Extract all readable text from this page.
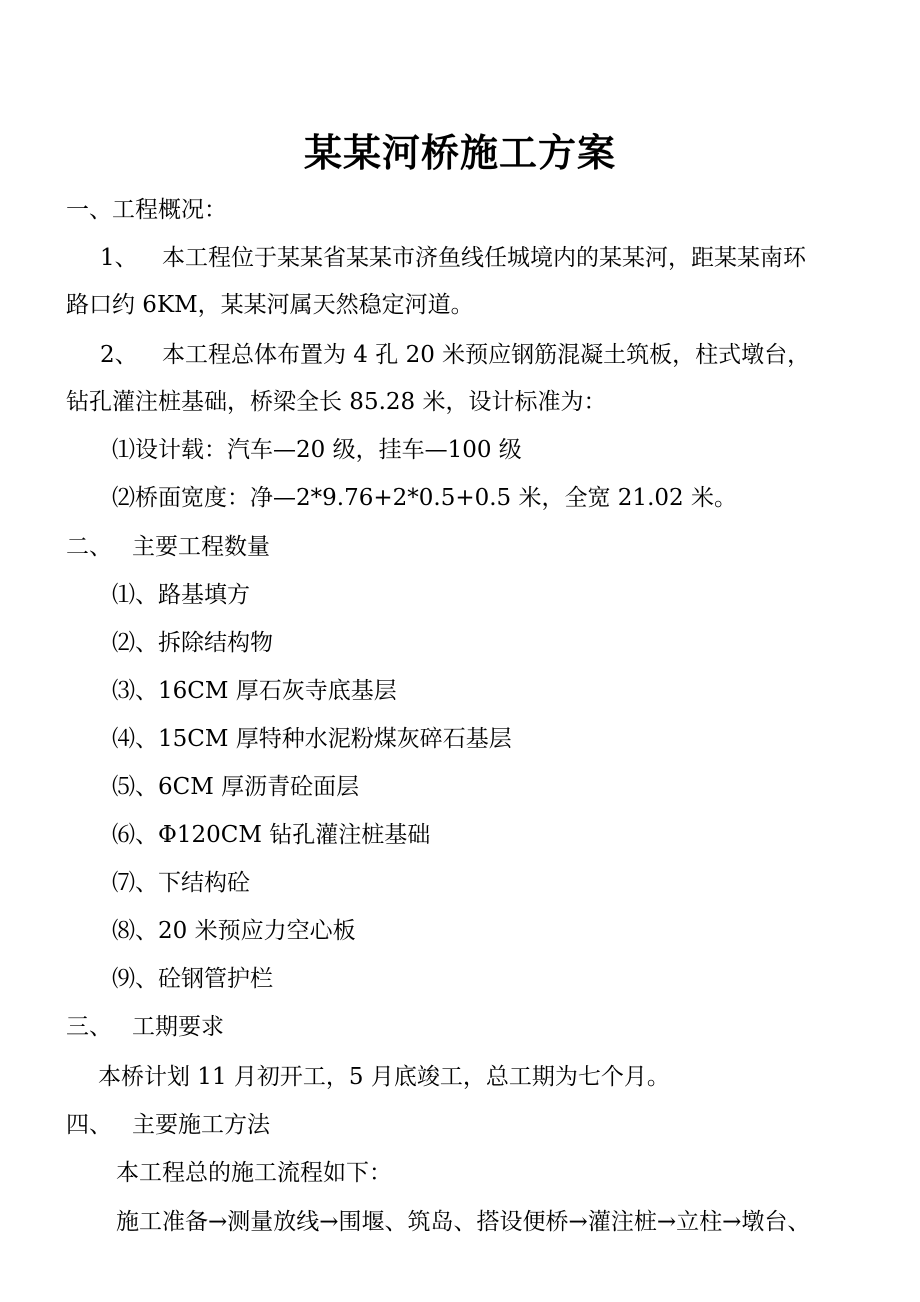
某某河桥施工方案
一、工程概况：
1、 本工程位于某某省某某市济鱼线任城境内的某某河，距某某南环
路口约 6KM，某某河属天然稳定河道。
2、 本工程总体布置为 4 孔 20 米预应钢筋混凝土筑板，柱式墩台，
钻孔灌注桩基础，桥梁全长 85.28 米，设计标准为：
⑴设计载：汽车—20 级，挂车—100 级
⑵桥面宽度：净—2*9.76+2*0.5+0.5 米，全宽 21.02 米。
二、 主要工程数量
⑴、路基填方
⑵、拆除结构物
⑶、16CM 厚石灰寺底基层
⑷、15CM 厚特种水泥粉煤灰碎石基层
⑸、6CM 厚沥青砼面层
⑹、Φ120CM 钻孔灌注桩基础
⑺、下结构砼
⑻、20 米预应力空心板
⑼、砼钢管护栏
三、 工期要求
本桥计划 11 月初开工，5 月底竣工，总工期为七个月。
四、 主要施工方法
本工程总的施工流程如下：
施工准备→测量放线→围堰、筑岛、搭设便桥→灌注桩→立柱→墩台、
